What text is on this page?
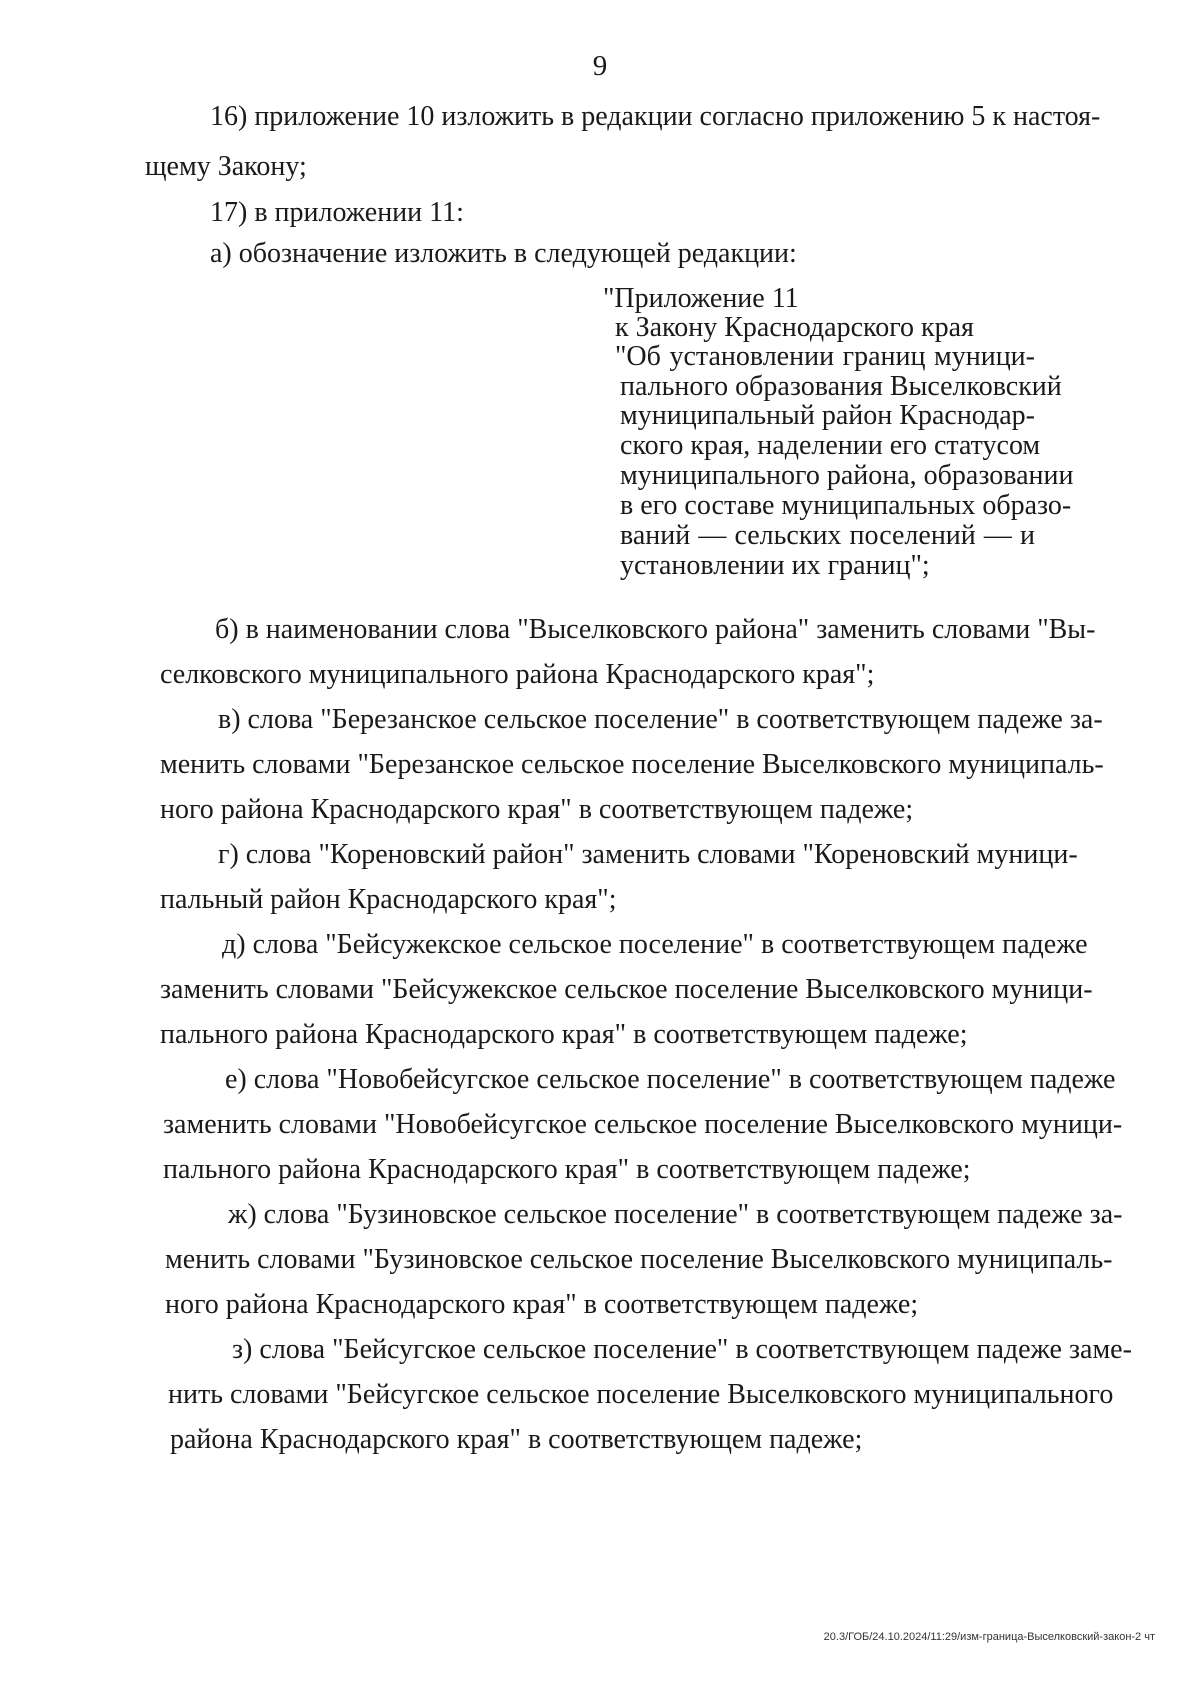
9
16) приложение 10 изложить в редакции согласно приложению 5 к настоя-
щему Закону;
17) в приложении 11:
а) обозначение изложить в следующей редакции:
"Приложение 11
к Закону Краснодарского края
"Об установлении границ муници-
пального образования Выселковский
муниципальный район Краснодар-
ского края, наделении его статусом
муниципального района, образовании
в его составе муниципальных образо-
ваний — сельских поселений — и
установлении их границ";
б) в наименовании слова "Выселковского района" заменить словами "Вы-
селковского муниципального района Краснодарского края";
в) слова "Березанское сельское поселение" в соответствующем падеже за-
менить словами "Березанское сельское поселение Выселковского муниципаль-
ного района Краснодарского края" в соответствующем падеже;
г) слова "Кореновский район" заменить словами "Кореновский муници-
пальный район Краснодарского края";
д) слова "Бейсужекское сельское поселение" в соответствующем падеже
заменить словами "Бейсужекское сельское поселение Выселковского муници-
пального района Краснодарского края" в соответствующем падеже;
е) слова "Новобейсугское сельское поселение" в соответствующем падеже
заменить словами "Новобейсугское сельское поселение Выселковского муници-
пального района Краснодарского края" в соответствующем падеже;
ж) слова "Бузиновское сельское поселение" в соответствующем падеже за-
менить словами "Бузиновское сельское поселение Выселковского муниципаль-
ного района Краснодарского края" в соответствующем падеже;
з) слова "Бейсугское сельское поселение" в соответствующем падеже заме-
нить словами "Бейсугское сельское поселение Выселковского муниципального
района Краснодарского края" в соответствующем падеже;
20.3/ГОБ/24.10.2024/11:29/изм-граница-Выселковский-закон-2 чт
